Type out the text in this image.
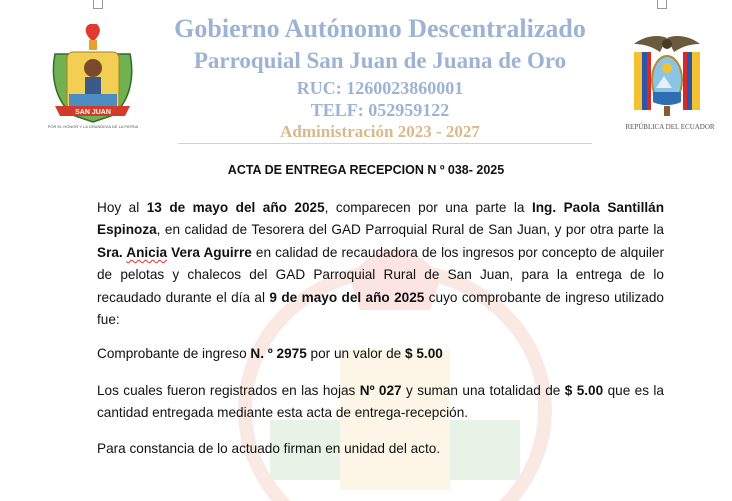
SAN JUAN
POR EL HONOR Y LA GRANDEZA DE LA PATRIA	REPÚBLICA DEL ECUADOR
Gobierno Autónomo Descentralizado
Parroquial San Juan de Juana de Oro
RUC: 1260023860001
TELF: 052959122
Administración 2023 - 2027
ACTA DE ENTREGA RECEPCION N º 038- 2025
Hoy al 13 de mayo del año 2025, comparecen por una parte la Ing. Paola Santillán Espinoza, en calidad de Tesorera del GAD Parroquial Rural de San Juan, y por otra parte la Sra. Anicia Vera Aguirre en calidad de recaudadora de los ingresos por concepto de alquiler de pelotas y chalecos del GAD Parroquial Rural de San Juan, para la entrega de lo recaudado durante el día al 9 de mayo del año 2025 cuyo comprobante de ingreso utilizado fue:
Comprobante de ingreso N. º 2975 por un valor de $ 5.00
Los cuales fueron registrados en las hojas Nº 027 y suman una totalidad de $ 5.00 que es la cantidad entregada mediante esta acta de entrega-recepción.
Para constancia de lo actuado firman en unidad del acto.
